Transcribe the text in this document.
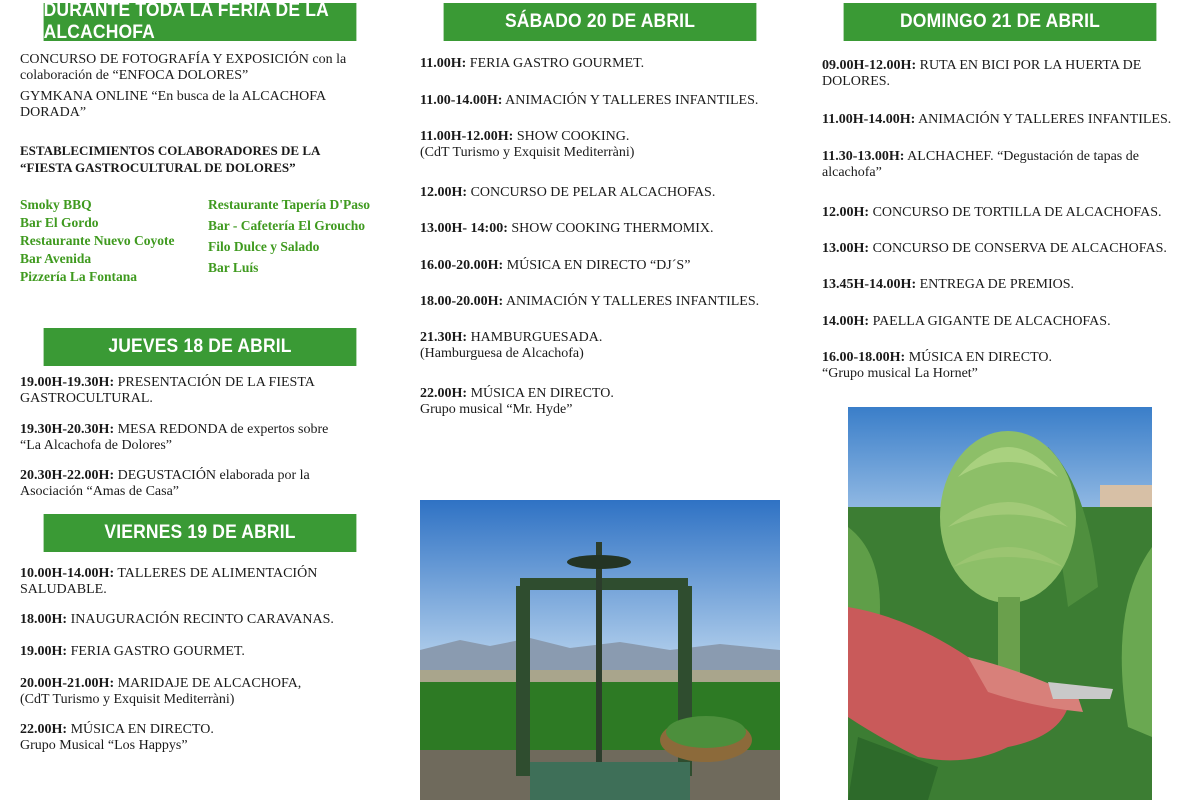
DURANTE TODA LA FERIA DE LA ALCACHOFA
CONCURSO DE FOTOGRAFÍA Y EXPOSICIÓN con la
colaboración de “ENFOCA DOLORES”
GYMKANA ONLINE “En busca de la ALCACHOFA
DORADA”
ESTABLECIMIENTOS COLABORADORES DE LA
“FIESTA GASTROCULTURAL DE DOLORES”
Smoky BBQ
Bar El Gordo
Restaurante Nuevo Coyote
Bar Avenida
Pizzería La Fontana
Restaurante Tapería D'Paso
Bar - Cafetería El Groucho
Filo Dulce y Salado
Bar Luís
JUEVES 18 DE ABRIL
19.00H-19.30H: PRESENTACIÓN DE LA FIESTA
GASTROCULTURAL.
19.30H-20.30H: MESA REDONDA de expertos sobre
“La Alcachofa de Dolores”
20.30H-22.00H: DEGUSTACIÓN elaborada por la
Asociación “Amas de Casa”
VIERNES 19 DE ABRIL
10.00H-14.00H: TALLERES DE ALIMENTACIÓN
SALUDABLE.
18.00H: INAUGURACIÓN RECINTO CARAVANAS.
19.00H: FERIA GASTRO GOURMET.
20.00H-21.00H: MARIDAJE DE ALCACHOFA,
(CdT Turismo y Exquisit Mediterràni)
22.00H: MÚSICA EN DIRECTO.
Grupo Musical “Los Happys”
SÁBADO 20 DE ABRIL
11.00H: FERIA GASTRO GOURMET.
11.00-14.00H: ANIMACIÓN Y TALLERES INFANTILES.
11.00H-12.00H: SHOW COOKING.
(CdT Turismo y Exquisit Mediterràni)
12.00H: CONCURSO DE PELAR ALCACHOFAS.
13.00H- 14:00: SHOW COOKING THERMOMIX.
16.00-20.00H: MÚSICA EN DIRECTO “DJ´S”
18.00-20.00H: ANIMACIÓN Y TALLERES INFANTILES.
21.30H: HAMBURGUESADA.
(Hamburguesa de Alcachofa)
22.00H: MÚSICA EN DIRECTO.
Grupo musical “Mr. Hyde”
DOMINGO 21 DE ABRIL
09.00H-12.00H: RUTA EN BICI POR LA HUERTA DE
DOLORES.
11.00H-14.00H: ANIMACIÓN Y TALLERES INFANTILES.
11.30-13.00H: ALCHACHEF. “Degustación de tapas de
alcachofa”
12.00H: CONCURSO DE TORTILLA DE ALCACHOFAS.
13.00H: CONCURSO DE CONSERVA DE ALCACHOFAS.
13.45H-14.00H: ENTREGA DE PREMIOS.
14.00H: PAELLA GIGANTE DE ALCACHOFAS.
16.00-18.00H: MÚSICA EN DIRECTO.
“Grupo musical La Hornet”
